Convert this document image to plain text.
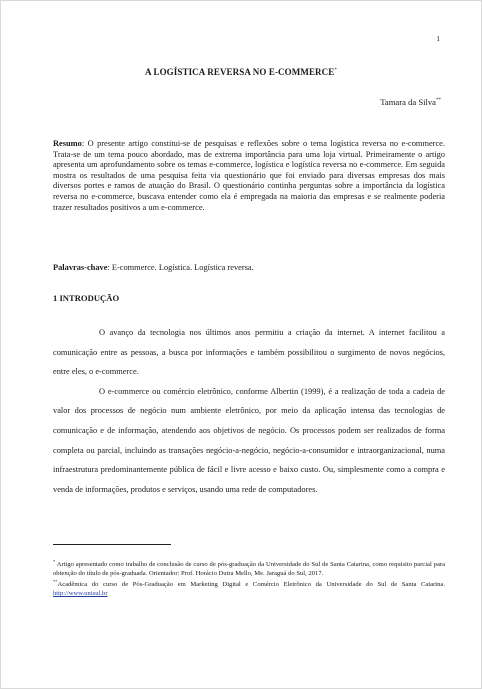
1
A LOGÍSTICA REVERSA NO E-COMMERCE*
Tamara da Silva**

Resumo: O presente artigo constitui-se de pesquisas e reflexões sobre o tema logística reversa no e-commerce. Trata-se de um tema pouco abordado, mas de extrema importância para uma loja virtual. Primeiramente o artigo apresenta um aprofundamento sobre os temas e-commerce, logística e logística reversa no e-commerce. Em seguida mostra os resultados de uma pesquisa feita via questionário que foi enviado para diversas empresas dos mais diversos portes e ramos de atuação do Brasil. O questionário continha perguntas sobre a importância da logística reversa no e-commerce, buscava entender como ela é empregada na maioria das empresas e se realmente poderia trazer resultados positivos a um e-commerce.

Palavras-chave: E-commerce. Logística. Logística reversa.

1 INTRODUÇÃO

O avanço da tecnologia nos últimos anos permitiu a criação da internet. A internet facilitou a comunicação entre as pessoas, a busca por informações e também possibilitou o surgimento de novos negócios, entre eles, o e-commerce.

O e-commerce ou comércio eletrônico, conforme Albertin (1999), é a realização de toda a cadeia de valor dos processos de negócio num ambiente eletrônico, por meio da aplicação intensa das tecnologias de comunicação e de informação, atendendo aos objetivos de negócio. Os processos podem ser realizados de forma completa ou parcial, incluindo as transações negócio-a-negócio, negócio-a-consumidor e intraorganizacional, numa infraestrutura predominantemente pública de fácil e livre acesso e baixo custo. Ou, simplesmente como a compra e venda de informações, produtos e serviços, usando uma rede de computadores.

* Artigo apresentado como trabalho de conclusão de curso de pós-graduação da Universidade do Sul de Santa Catarina, como requisito parcial para obtenção do título de pós-graduada. Orientador: Prof. Horácio Dutra Mello, Me. Jaraguá do Sul, 2017.

**Acadêmica do curso de Pós-Graduação em Marketing Digital e Comércio Eletrônico da Universidade do Sul de Santa Catarina. http://www.unisul.br
